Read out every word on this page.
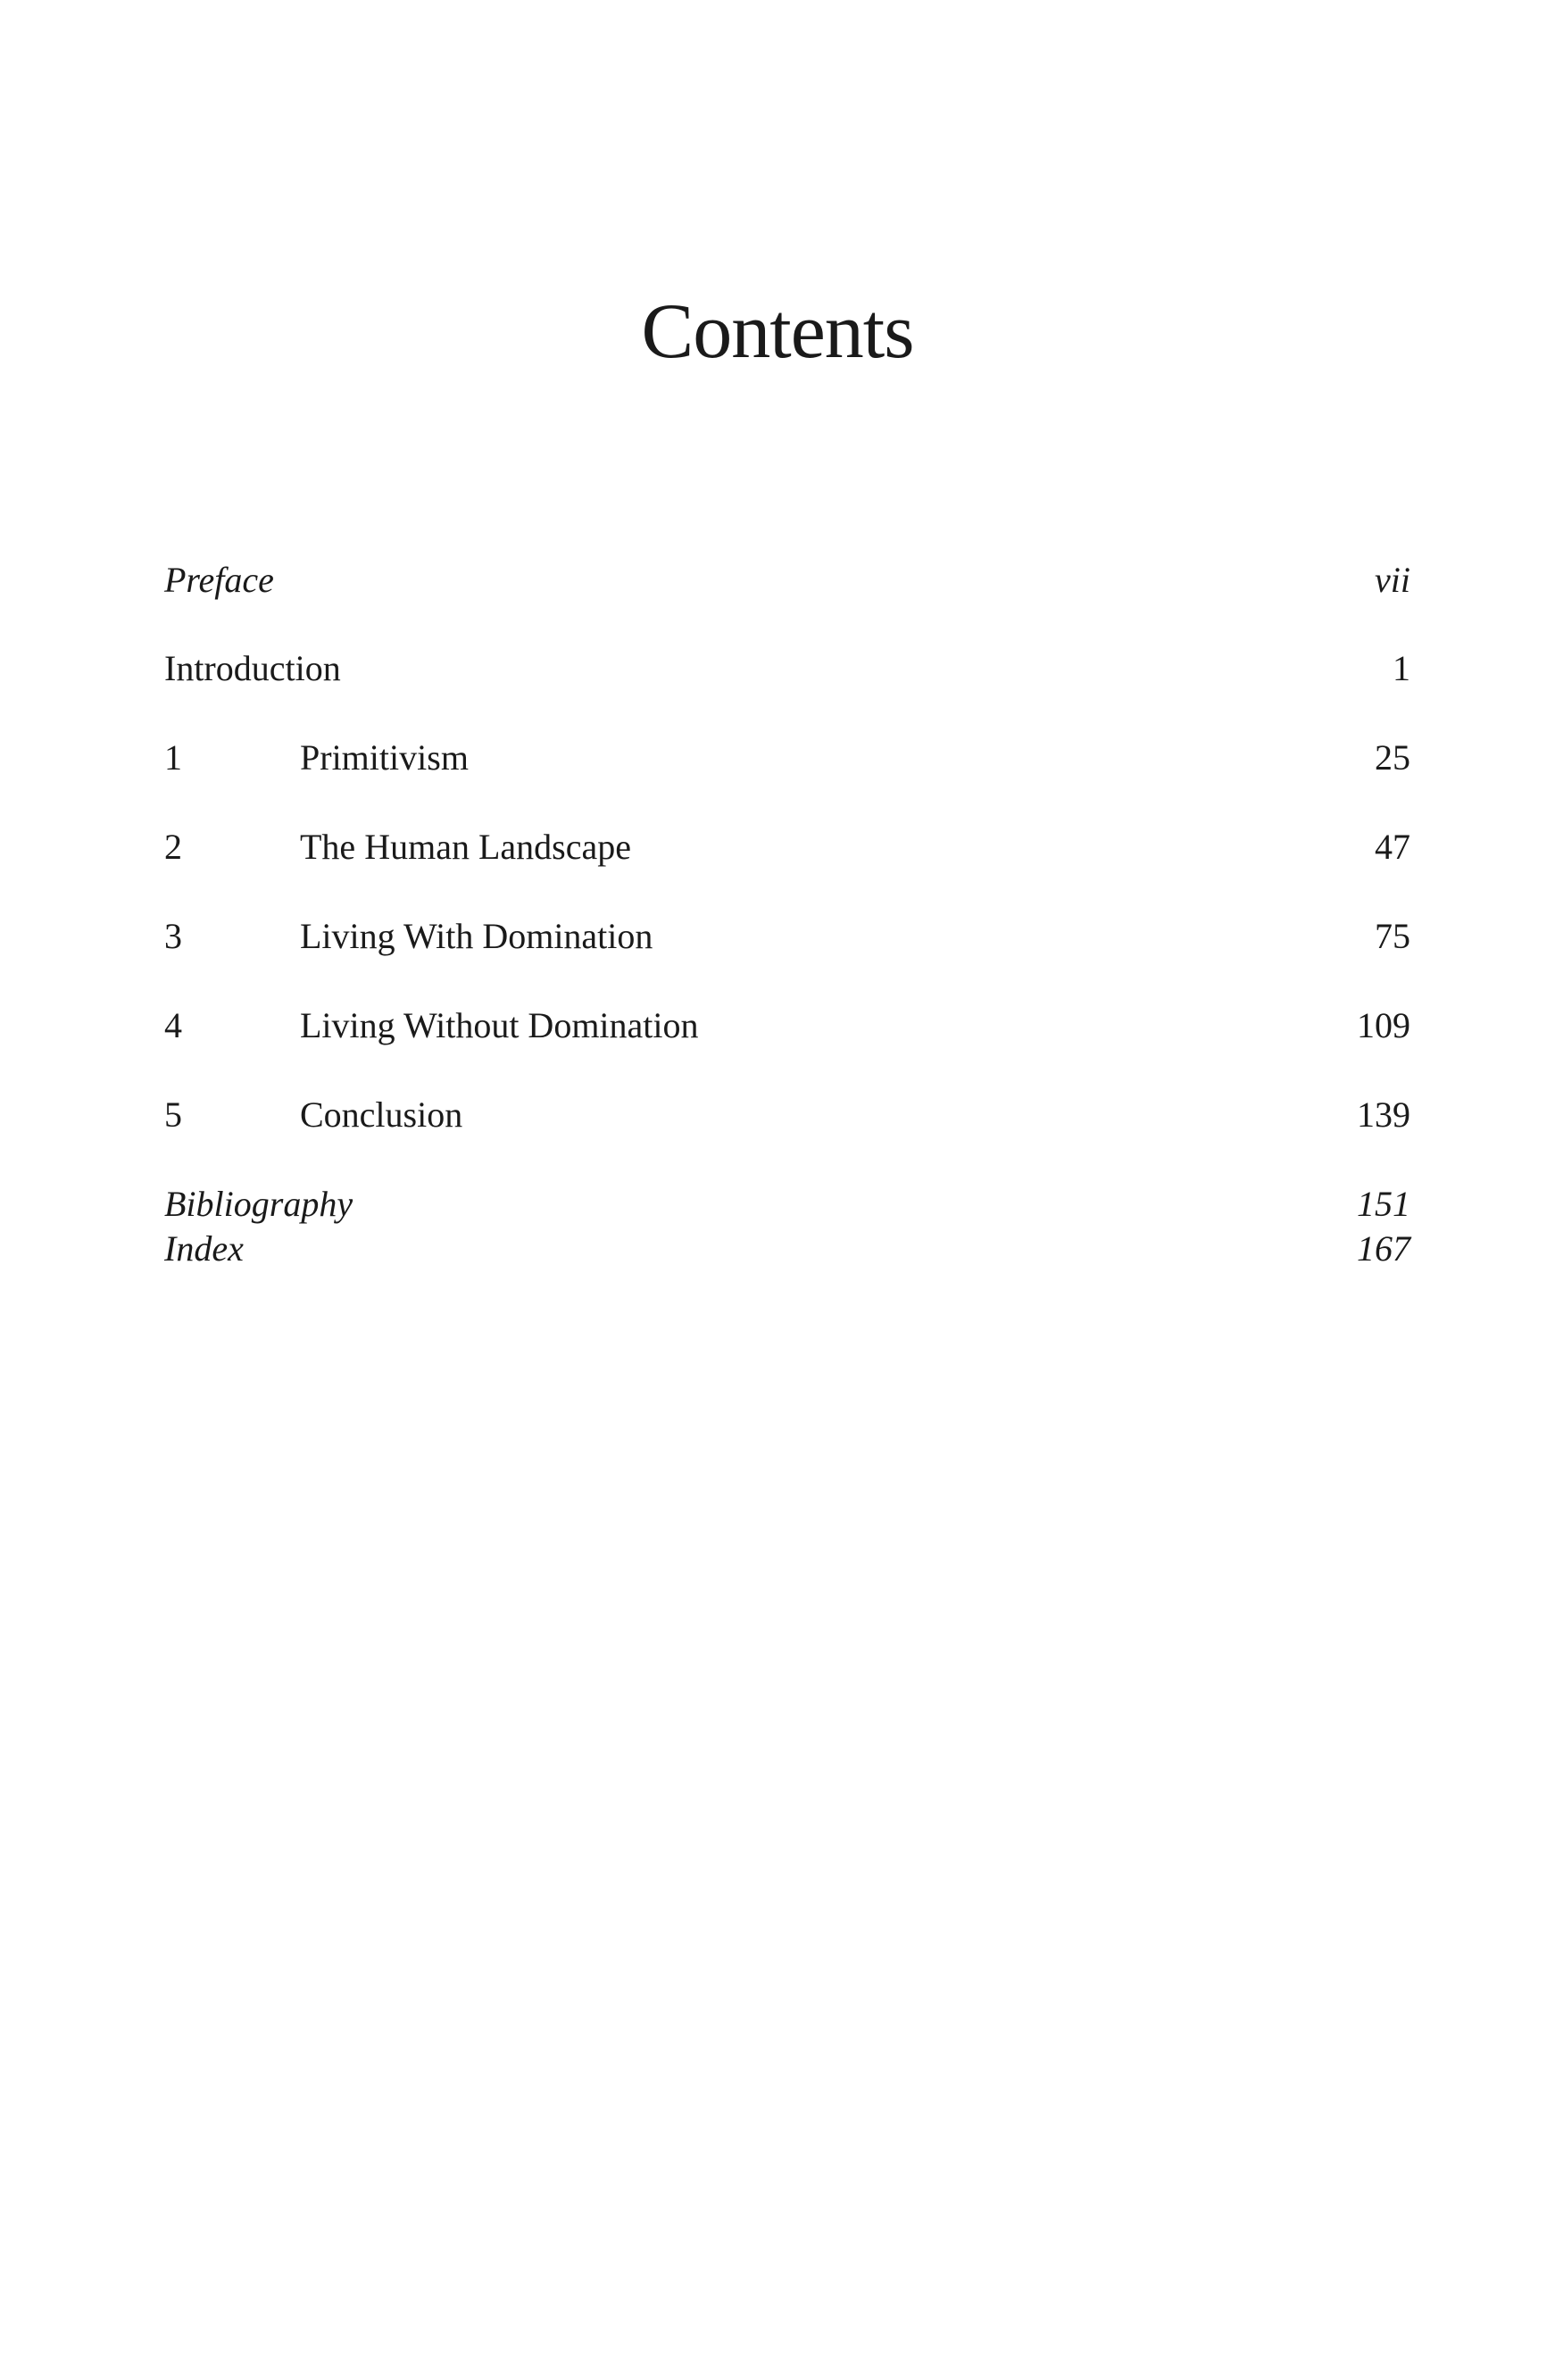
Contents
Preface	vii
Introduction	1
1	Primitivism	25
2	The Human Landscape	47
3	Living With Domination	75
4	Living Without Domination	109
5	Conclusion	139
Bibliography	151
Index	167
